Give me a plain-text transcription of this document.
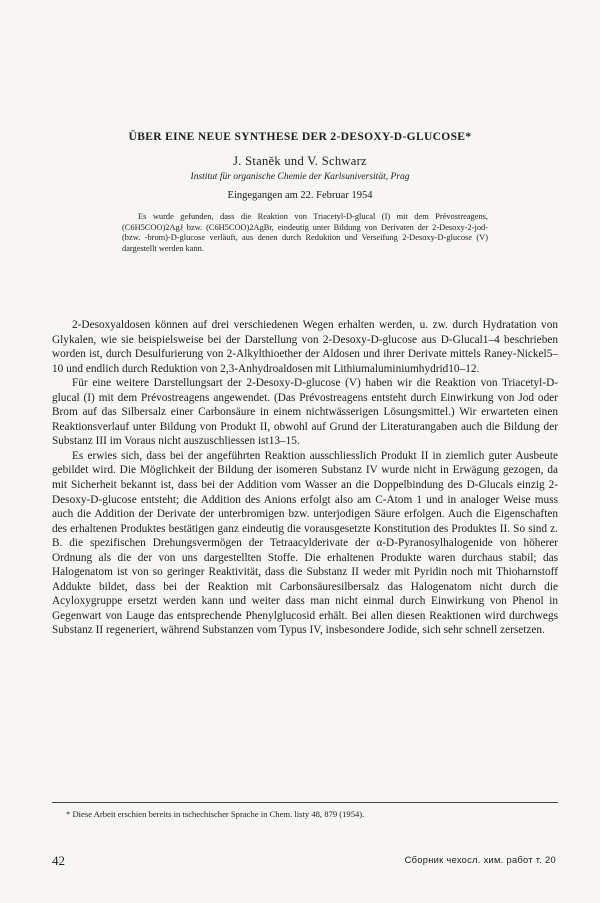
ÜBER EINE NEUE SYNTHESE DER 2-DESOXY-D-GLUCOSE*
J. Staněk und V. Schwarz
Institut für organische Chemie der Karlsuniversität, Prag
Eingegangen am 22. Februar 1954

Es wurde gefunden, dass die Reaktion von Triacetyl-D-glucal (I) mit dem Prévostreagens, (C6H5COO)2AgJ bzw. (C6H5COO)2AgBr, eindeutig unter Bildung von Derivaten der 2-Desoxy-2-jod-(bzw. -brom)-D-glucose verläuft, aus denen durch Reduktion und Verseifung 2-Desoxy-D-glucose (V) dargestellt werden kann.

2-Desoxyaldosen können auf drei verschiedenen Wegen erhalten werden, u. zw. durch Hydratation von Glykalen, wie sie beispielsweise bei der Darstellung von 2-Desoxy-D-glucose aus D-Glucal1–4 beschrieben worden ist, durch Desulfurierung von 2-Alkylthioether der Aldosen und ihrer Derivate mittels Raney-Nickel5–10 und endlich durch Reduktion von 2,3-Anhydroaldosen mit Lithiumaluminiumhydrid10–12.

Für eine weitere Darstellungsart der 2-Desoxy-D-glucose (V) haben wir die Reaktion von Triacetyl-D-glucal (I) mit dem Prévostreagens angewendet. (Das Prévostreagens entsteht durch Einwirkung von Jod oder Brom auf das Silbersalz einer Carbonsäure in einem nichtwässerigen Lösungsmittel.) Wir erwarteten einen Reaktionsverlauf unter Bildung von Produkt II, obwohl auf Grund der Literaturangaben auch die Bildung der Substanz III im Voraus nicht auszuschliessen ist13–15.

Es erwies sich, dass bei der angeführten Reaktion ausschliesslich Produkt II in ziemlich guter Ausbeute gebildet wird. Die Möglichkeit der Bildung der isomeren Substanz IV wurde nicht in Erwägung gezogen, da mit Sicherheit bekannt ist, dass bei der Addition vom Wasser an die Doppelbindung des D-Glucals einzig 2-Desoxy-D-glucose entsteht; die Addition des Anions erfolgt also am C-Atom 1 und in analoger Weise muss auch die Addition der Derivate der unterbromigen bzw. unterjodigen Säure erfolgen. Auch die Eigenschaften des erhaltenen Produktes bestätigen ganz eindeutig die vorausgesetzte Konstitution des Produktes II. So sind z. B. die spezifischen Drehungsvermögen der Tetraacylderivate der α-D-Pyranosylhalogenide von höherer Ordnung als die der von uns dargestellten Stoffe. Die erhaltenen Produkte waren durchaus stabil; das Halogenatom ist von so geringer Reaktivität, dass die Substanz II weder mit Pyridin noch mit Thioharnstoff Addukte bildet, dass bei der Reaktion mit Carbonsäuresilbersalz das Halogenatom nicht durch die Acyloxygruppe ersetzt werden kann und weiter dass man nicht einmal durch Einwirkung von Phenol in Gegenwart von Lauge das entsprechende Phenylglucosid erhält. Bei allen diesen Reaktionen wird durchwegs Substanz II regeneriert, während Substanzen vom Typus IV, insbesondere Jodide, sich sehr schnell zersetzen.

* Diese Arbeit erschien bereits in tschechischer Sprache in Chem. listy 48, 879 (1954).
42	Сборник чехосл. хим. работ т. 20
